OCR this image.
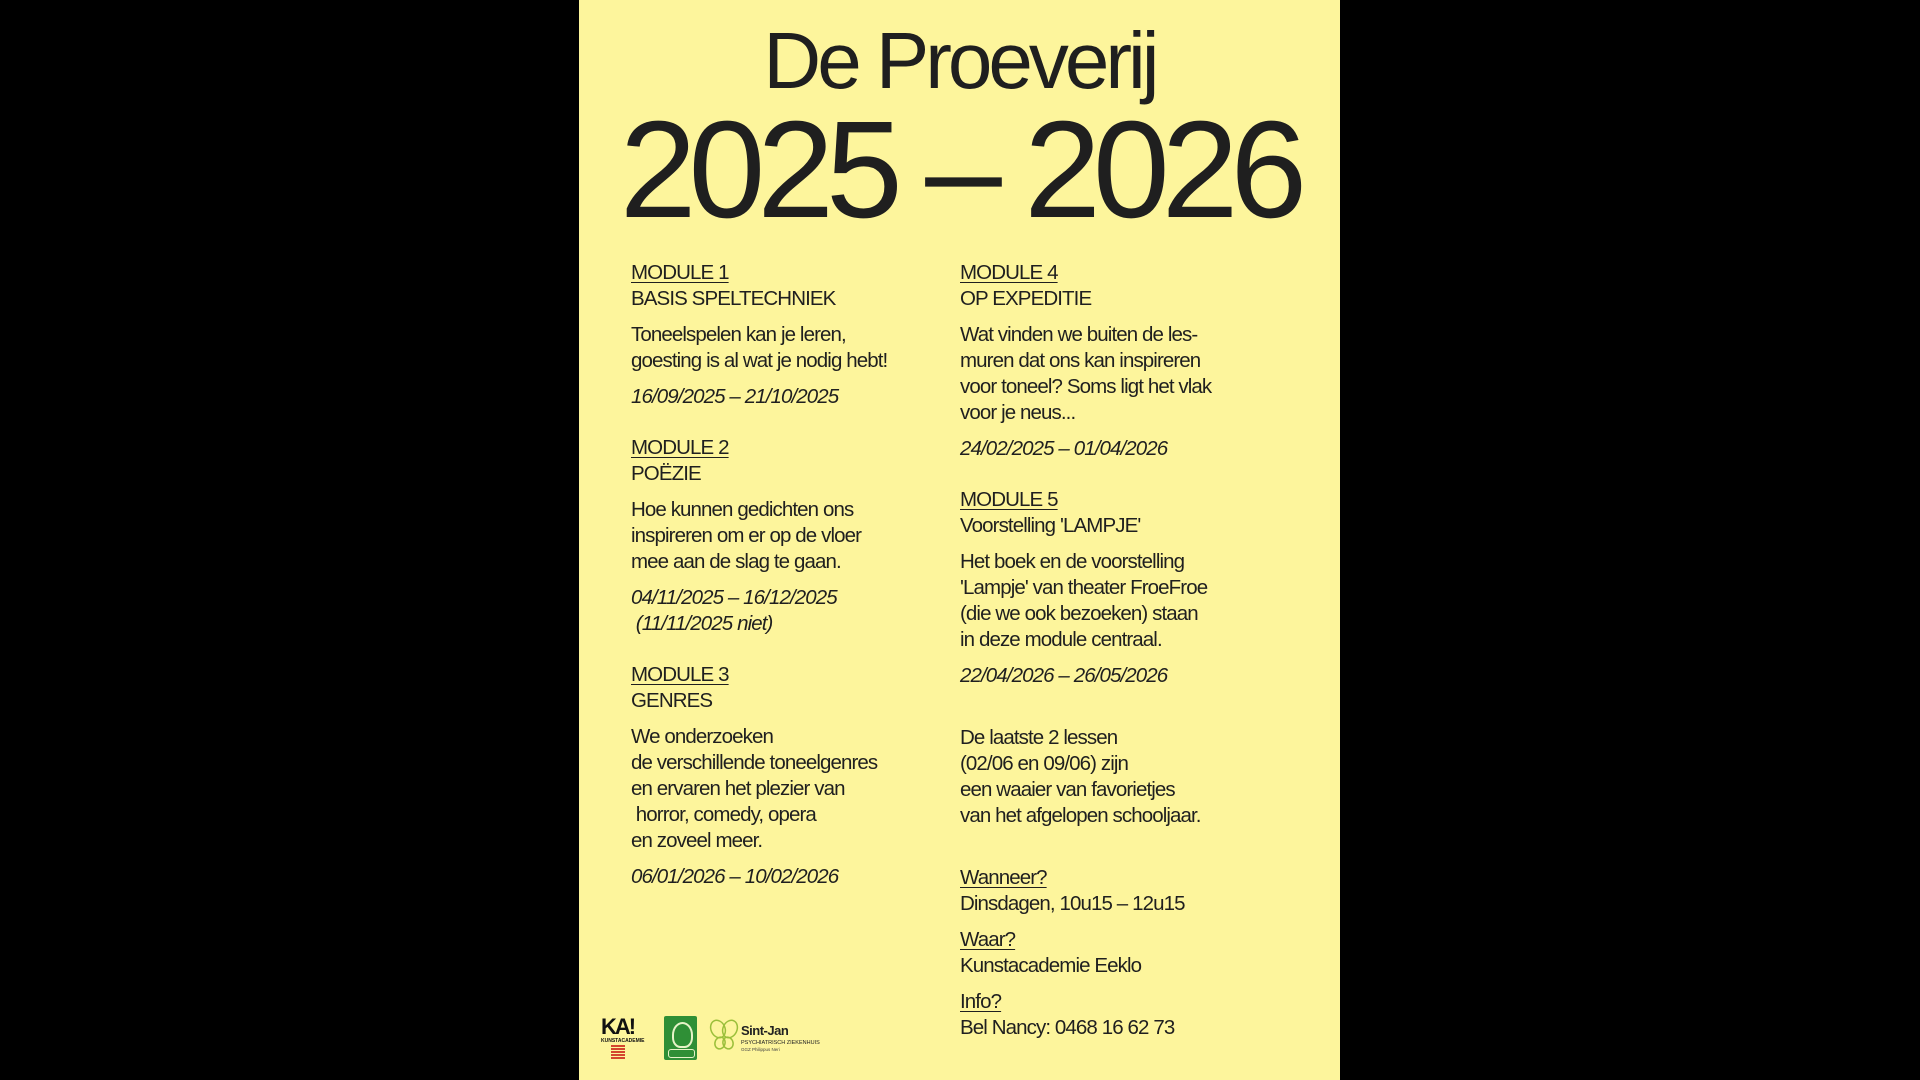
De Proeverij
2025 – 2026
MODULE 1
BASIS SPELTECHNIEK
Toneelspelen kan je leren,
goesting is al wat je nodig hebt!
16/09/2025 – 21/10/2025
MODULE 2
POËZIE
Hoe kunnen gedichten ons
inspireren om er op de vloer
mee aan de slag te gaan.
04/11/2025 – 16/12/2025
(11/11/2025 niet)
MODULE 3
GENRES
We onderzoeken
de verschillende toneelgenres
en ervaren het plezier van
horror, comedy, opera
en zoveel meer.
06/01/2026 – 10/02/2026
MODULE 4
OP EXPEDITIE
Wat vinden we buiten de les-
muren dat ons kan inspireren
voor toneel? Soms ligt het vlak
voor je neus...
24/02/2025 – 01/04/2026
MODULE 5
Voorstelling 'LAMPJE'
Het boek en de voorstelling
'Lampje' van theater FroeFroe
(die we ook bezoeken) staan
in deze module centraal.
22/04/2026 – 26/05/2026
De laatste 2 lessen
(02/06 en 09/06) zijn
een waaier van favorietjes
van het afgelopen schooljaar.
Wanneer?
Dinsdagen, 10u15 – 12u15
Waar?
Kunstacademie Eeklo
Info?
Bel Nancy: 0468 16 62 73
KA!
KUNSTACADEMIE
Sint-Jan
PSYCHIATRISCH ZIEKENHUIS
GGZ Philippus Neri
